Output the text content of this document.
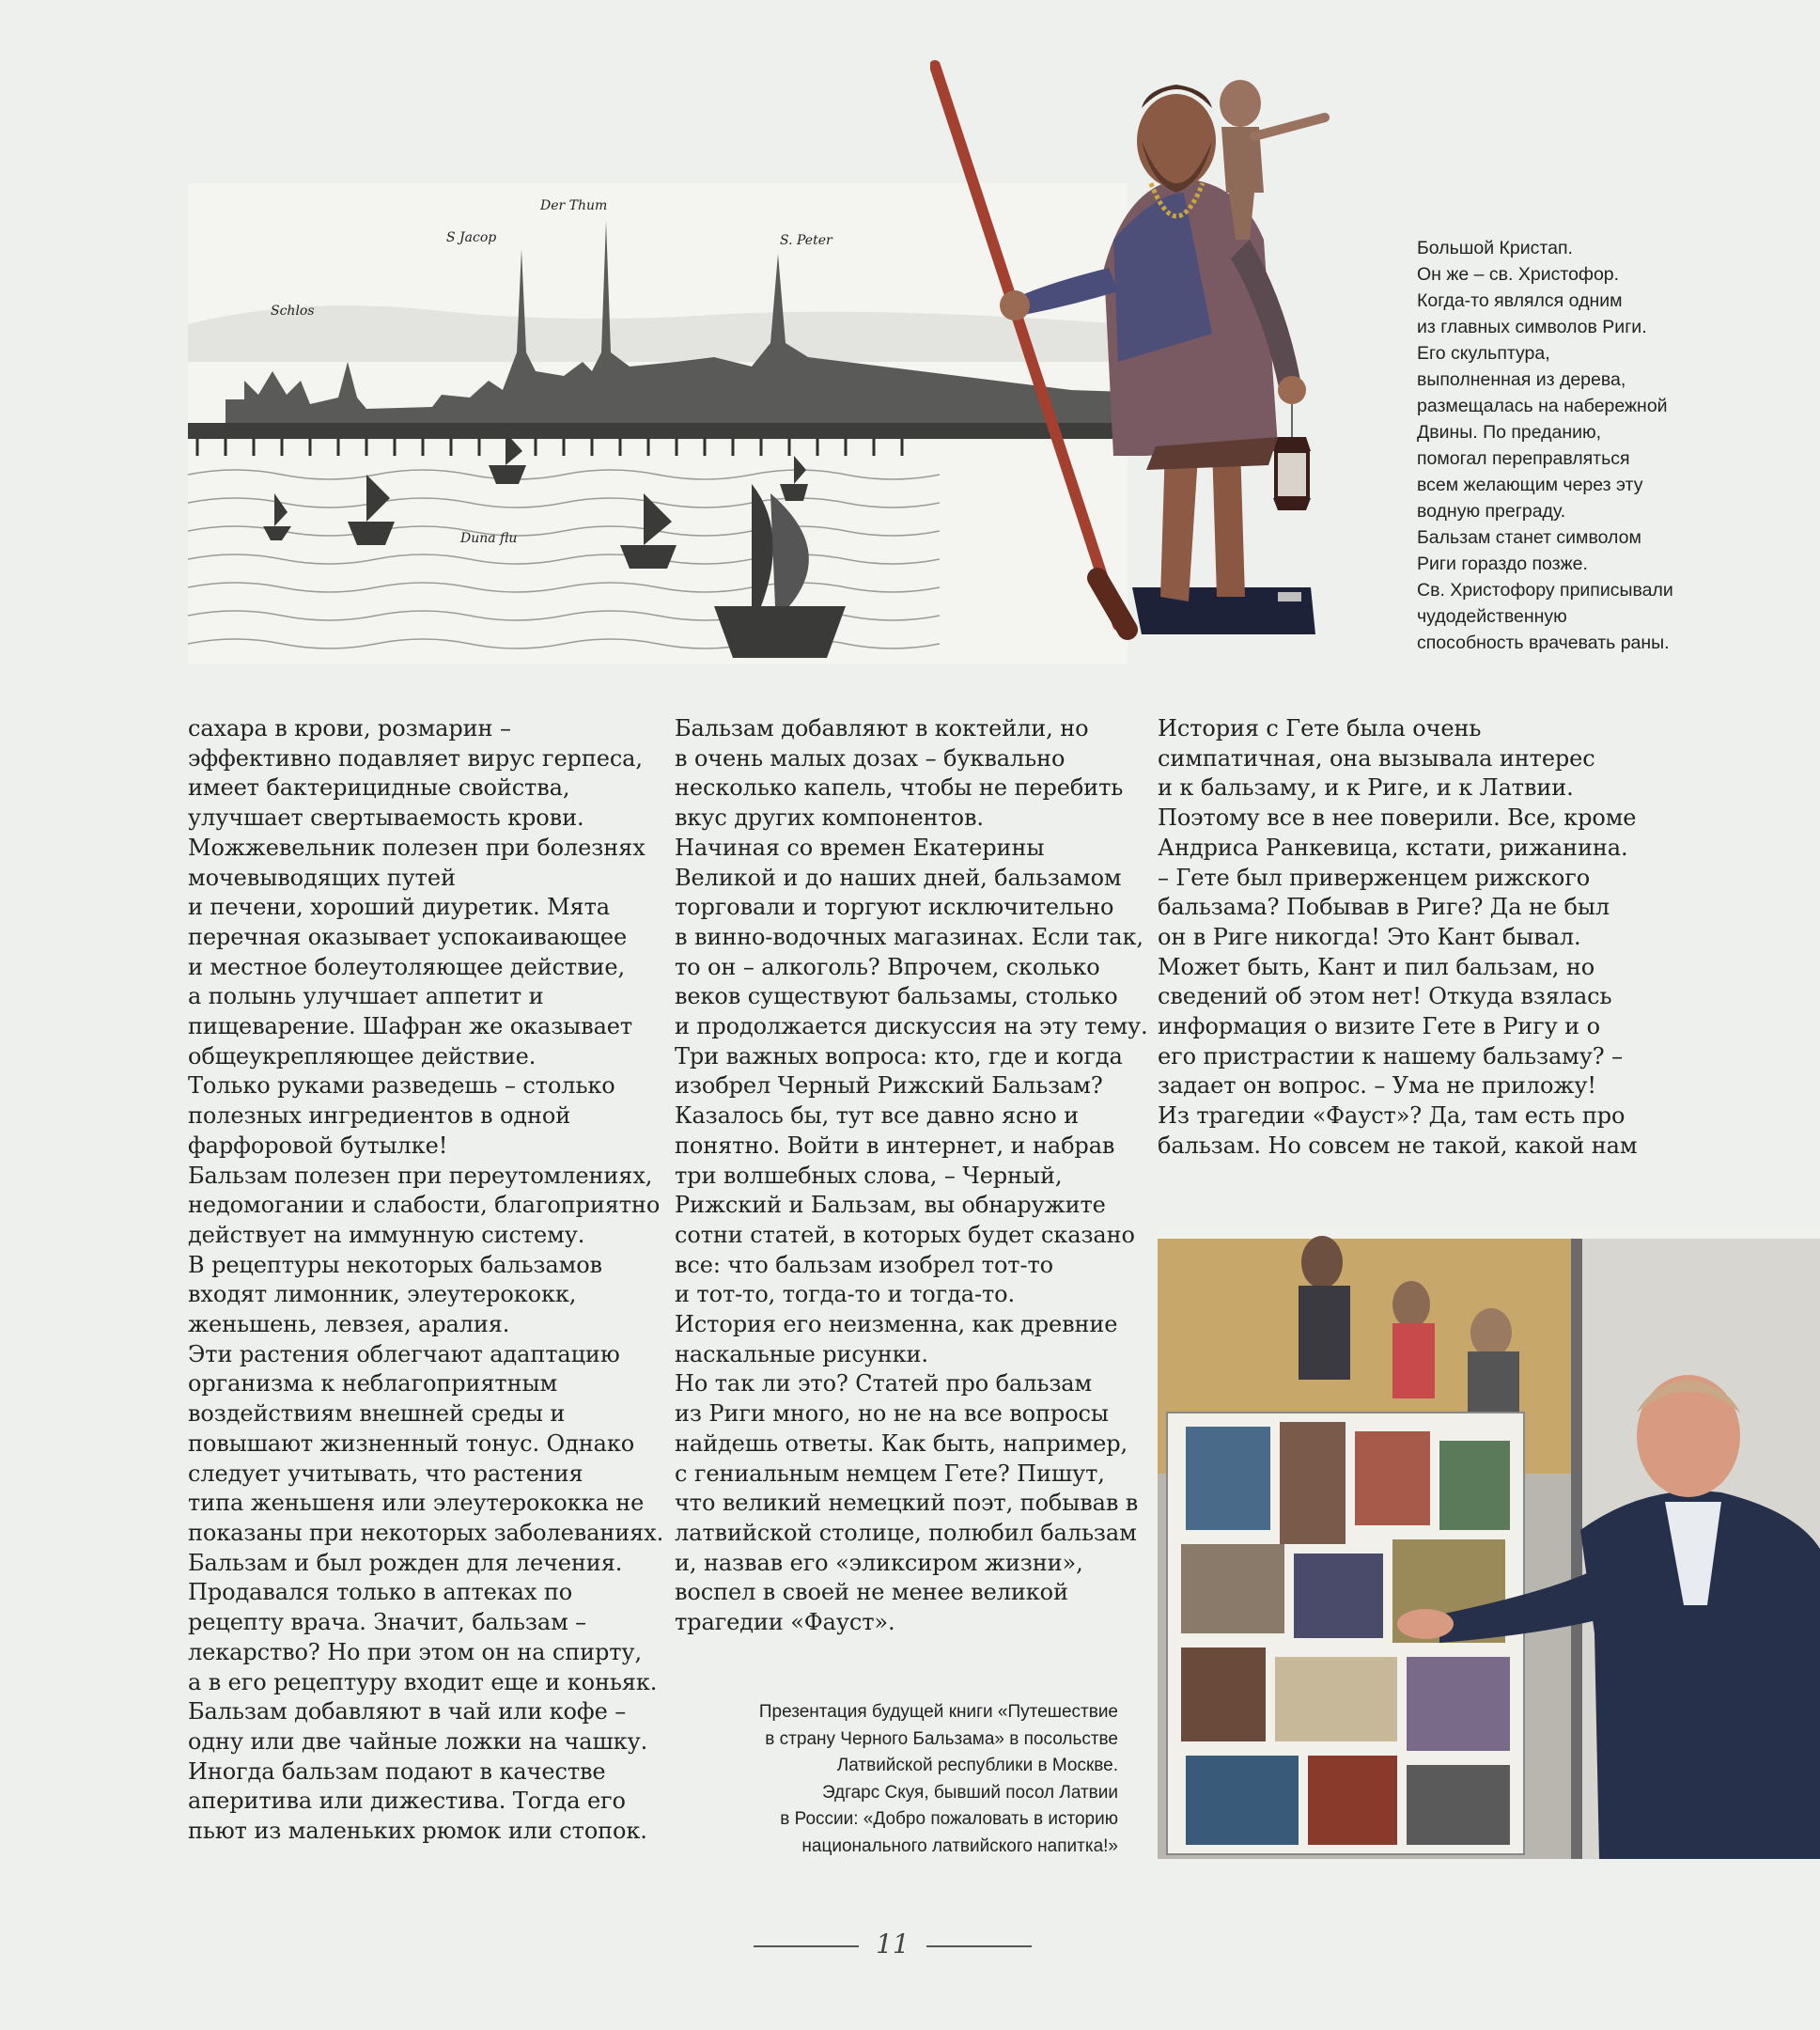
Der Thum
S Jacop	S. Peter
Schlos
Duna flu

Большой Кристап.

Он же – св. Христофор.

Когда-то являлся одним

из главных символов Риги.

Его скульптура,

выполненная из дерева,

размещалась на набережной

Двины. По преданию,

помогал переправляться

всем желающим через эту

водную преграду.

Бальзам станет символом

Риги гораздо позже.

Св. Христофору приписывали

чудодейственную

способность врачевать раны.

сахара в крови, розмарин –

эффективно подавляет вирус герпеса,

имеет бактерицидные свойства,

улучшает свертываемость крови.

Можжевельник полезен при болезнях

мочевыводящих путей

и печени, хороший диуретик. Мята

перечная оказывает успокаивающее

и местное болеутоляющее действие,

а полынь улучшает аппетит и

пищеварение. Шафран же оказывает

общеукрепляющее действие.

Только руками разведешь – столько

полезных ингредиентов в одной

фарфоровой бутылке!

Бальзам полезен при переутомлениях,

недомогании и слабости, благоприятно

действует на иммунную систему.

В рецептуры некоторых бальзамов

входят лимонник, элеутерококк,

женьшень, левзея, аралия.

Эти растения облегчают адаптацию

организма к неблагоприятным

воздействиям внешней среды и

повышают жизненный тонус. Однако

следует учитывать, что растения

типа женьшеня или элеутерококка не

показаны при некоторых заболеваниях.

Бальзам и был рожден для лечения.

Продавался только в аптеках по

рецепту врача. Значит, бальзам –

лекарство? Но при этом он на спирту,

а в его рецептуру входит еще и коньяк.

Бальзам добавляют в чай или кофе –

одну или две чайные ложки на чашку.

Иногда бальзам подают в качестве

аперитива или дижестива. Тогда его

пьют из маленьких рюмок или стопок.

Бальзам добавляют в коктейли, но

в очень малых дозах – буквально

несколько капель, чтобы не перебить

вкус других компонентов.

Начиная со времен Екатерины

Великой и до наших дней, бальзамом

торговали и торгуют исключительно

в винно-водочных магазинах. Если так,

то он – алкоголь? Впрочем, сколько

веков существуют бальзамы, столько

и продолжается дискуссия на эту тему.

Три важных вопроса: кто, где и когда

изобрел Черный Рижский Бальзам?

Казалось бы, тут все давно ясно и

понятно. Войти в интернет, и набрав

три волшебных слова, – Черный,

Рижский и Бальзам, вы обнаружите

сотни статей, в которых будет сказано

все: что бальзам изобрел тот-то

и тот-то, тогда-то и тогда-то.

История его неизменна, как древние

наскальные рисунки.

Но так ли это? Статей про бальзам

из Риги много, но не на все вопросы

найдешь ответы. Как быть, например,

с гениальным немцем Гете? Пишут,

что великий немецкий поэт, побывав в

латвийской столице, полюбил бальзам

и, назвав его «эликсиром жизни»,

воспел в своей не менее великой

трагедии «Фауст».

История с Гете была очень

симпатичная, она вызывала интерес

и к бальзаму, и к Риге, и к Латвии.

Поэтому все в нее поверили. Все, кроме

Андриса Ранкевица, кстати, рижанина.

– Гете был приверженцем рижского

бальзама? Побывав в Риге? Да не был

он в Риге никогда! Это Кант бывал.

Может быть, Кант и пил бальзам, но

сведений об этом нет! Откуда взялась

информация о визите Гете в Ригу и о

его пристрастии к нашему бальзаму? –

задает он вопрос. – Ума не приложу!

Из трагедии «Фауст»? Да, там есть про

бальзам. Но совсем не такой, какой нам

Презентация будущей книги «Путешествие

в страну Черного Бальзама» в посольстве

Латвийской республики в Москве.

Эдгарс Скуя, бывший посол Латвии

в России: «Добро пожаловать в историю

национального латвийского напитка!»

11
